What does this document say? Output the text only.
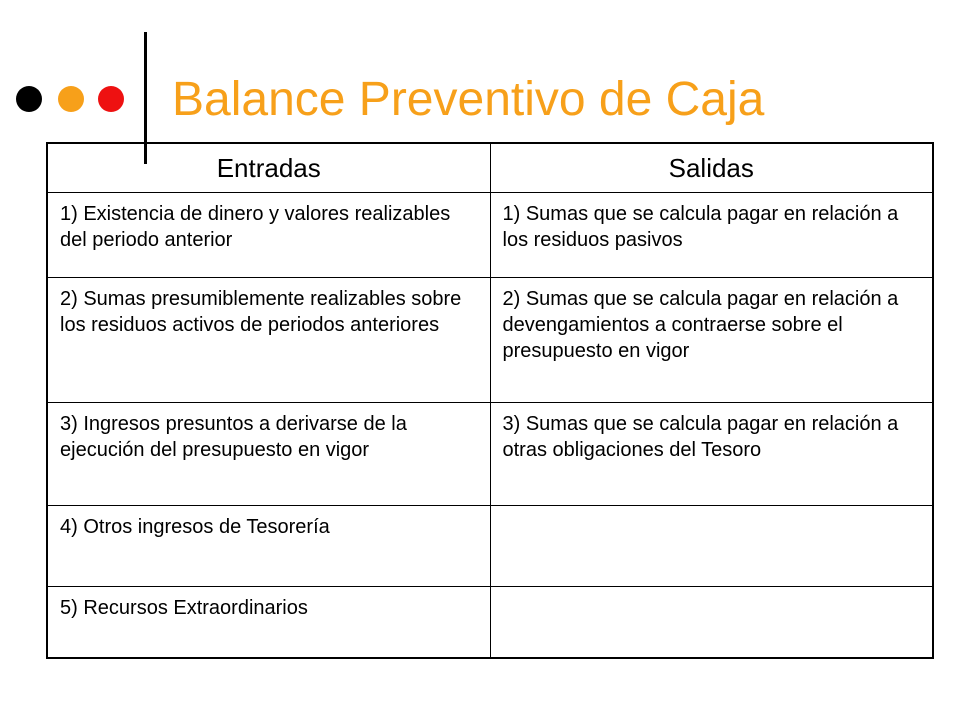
Balance Preventivo de Caja
Entradas	Salidas
1) Existencia de dinero y valores realizables del periodo anterior	1) Sumas que se calcula pagar en relación a los residuos pasivos
2) Sumas presumiblemente realizables sobre los residuos activos de periodos anteriores	2) Sumas que se calcula pagar en relación a devengamientos a contraerse sobre el presupuesto en vigor
3) Ingresos presuntos a derivarse de la ejecución del presupuesto en vigor	3) Sumas que se calcula pagar en relación a otras obligaciones del Tesoro
4) Otros ingresos de Tesorería	
5) Recursos Extraordinarios	
